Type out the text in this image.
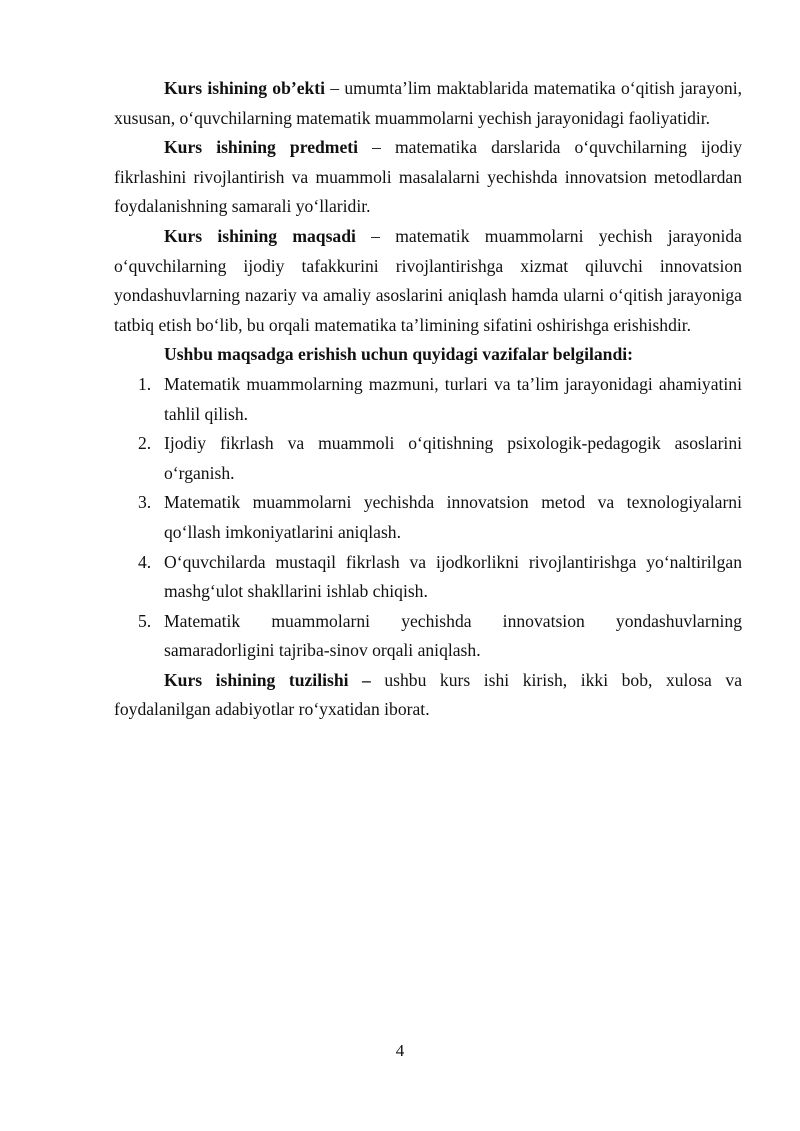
Kurs ishining ob’ekti – umumta’lim maktablarida matematika o‘qitish jarayoni, xususan, o‘quvchilarning matematik muammolarni yechish jarayonidagi faoliyatidir.

Kurs ishining predmeti – matematika darslarida o‘quvchilarning ijodiy fikrlashini rivojlantirish va muammoli masalalarni yechishda innovatsion metodlardan foydalanishning samarali yo‘llaridir.

Kurs ishining maqsadi – matematik muammolarni yechish jarayonida o‘quvchilarning ijodiy tafakkurini rivojlantirishga xizmat qiluvchi innovatsion yondashuvlarning nazariy va amaliy asoslarini aniqlash hamda ularni o‘qitish jarayoniga tatbiq etish bo‘lib, bu orqali matematika ta’limining sifatini oshirishga erishishdir.

Ushbu maqsadga erishish uchun quyidagi vazifalar belgilandi:

1. Matematik muammolarning mazmuni, turlari va ta’lim jarayonidagi ahamiyatini tahlil qilish.
2. Ijodiy fikrlash va muammoli o‘qitishning psixologik-pedagogik asoslarini o‘rganish.
3. Matematik muammolarni yechishda innovatsion metod va texnologiyalarni qo‘llash imkoniyatlarini aniqlash.
4. O‘quvchilarda mustaqil fikrlash va ijodkorlikni rivojlantirishga yo‘naltirilgan mashg‘ulot shakllarini ishlab chiqish.
5. Matematik muammolarni yechishda innovatsion yondashuvlarning samaradorligini tajriba-sinov orqali aniqlash.

Kurs ishining tuzilishi – ushbu kurs ishi kirish, ikki bob, xulosa va foydalanilgan adabiyotlar ro‘yxatidan iborat.

4
